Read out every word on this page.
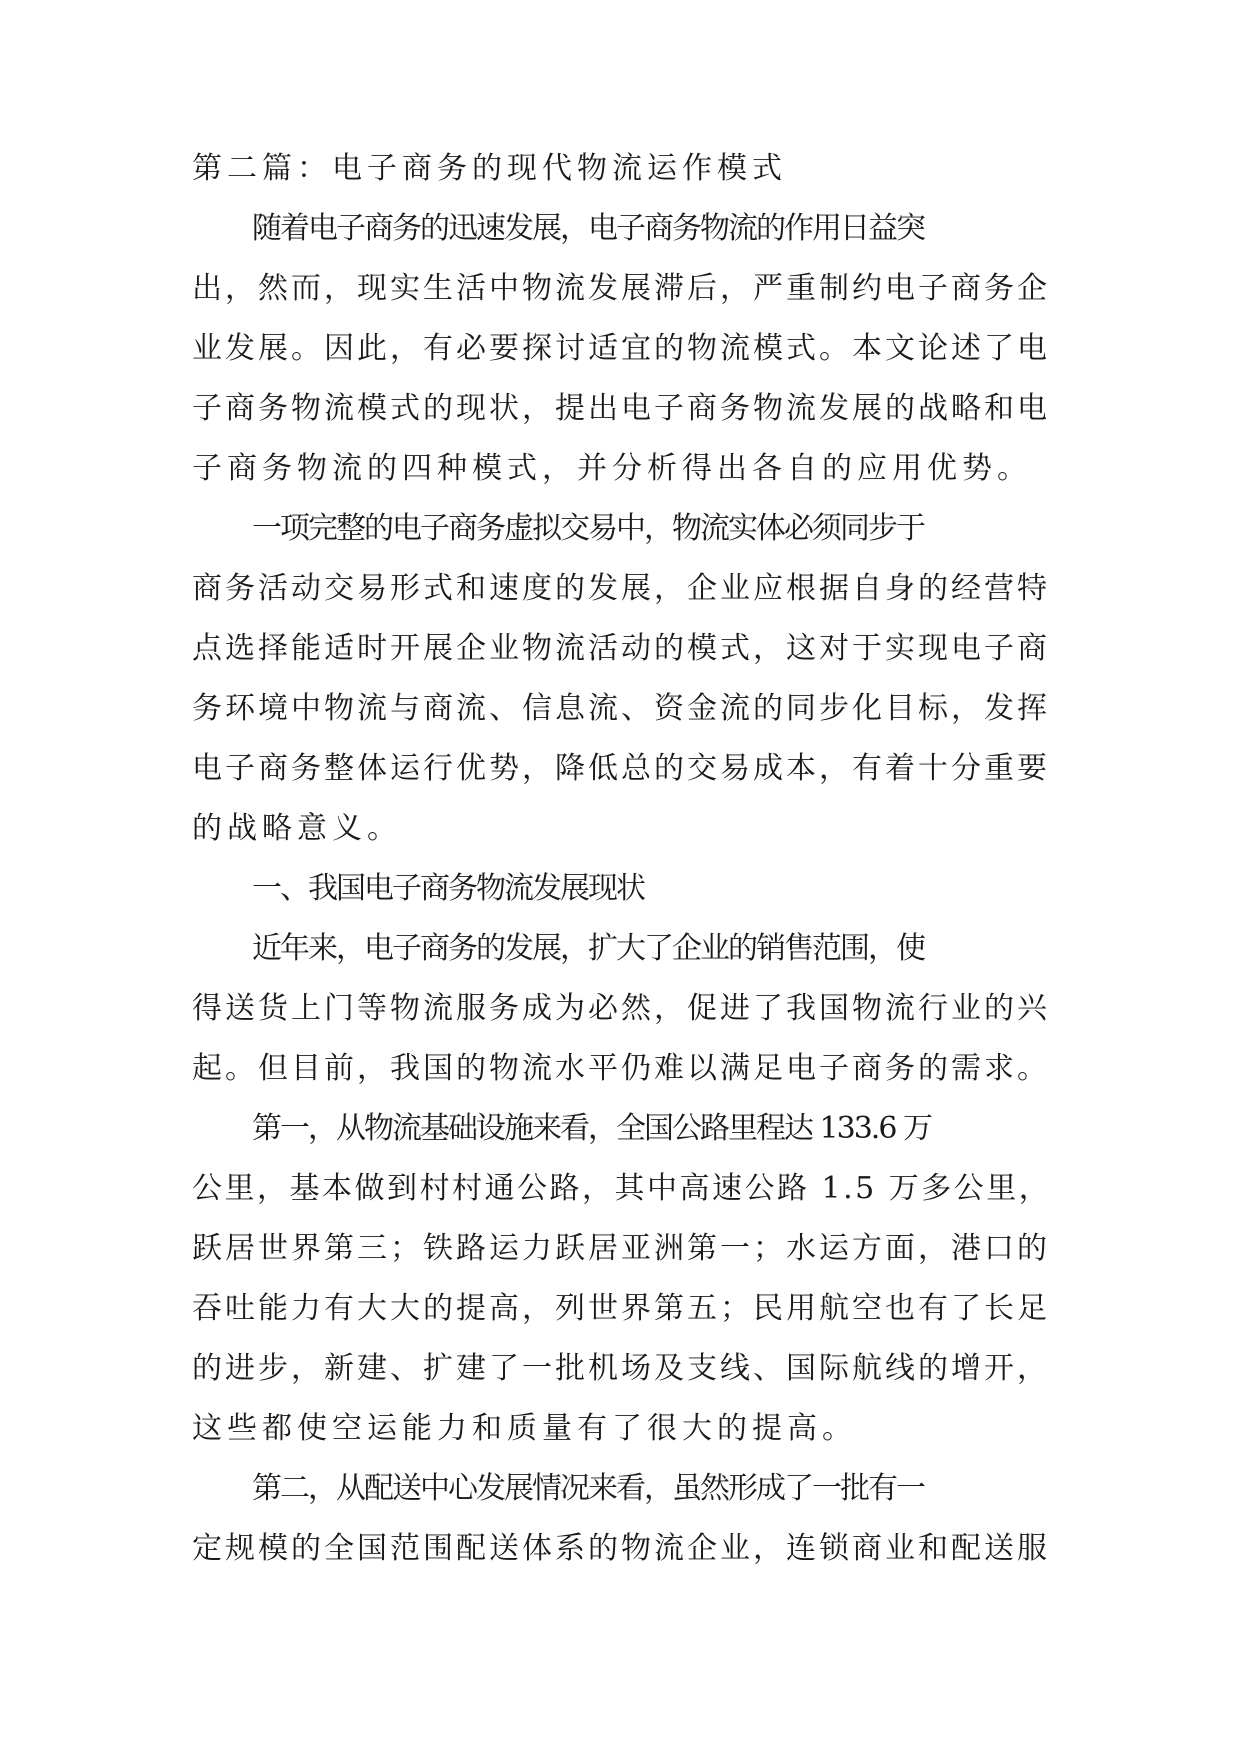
第二篇：电子商务的现代物流运作模式
随着电子商务的迅速发展，电子商务物流的作用日益突
出，然而，现实生活中物流发展滞后，严重制约电子商务企
业发展。因此，有必要探讨适宜的物流模式。本文论述了电
子商务物流模式的现状，提出电子商务物流发展的战略和电
子商务物流的四种模式，并分析得出各自的应用优势。
一项完整的电子商务虚拟交易中，物流实体必须同步于
商务活动交易形式和速度的发展，企业应根据自身的经营特
点选择能适时开展企业物流活动的模式，这对于实现电子商
务环境中物流与商流、信息流、资金流的同步化目标，发挥
电子商务整体运行优势，降低总的交易成本，有着十分重要
的战略意义。
一、我国电子商务物流发展现状
近年来，电子商务的发展，扩大了企业的销售范围，使
得送货上门等物流服务成为必然，促进了我国物流行业的兴
起。但目前，我国的物流水平仍难以满足电子商务的需求。
第一，从物流基础设施来看，全国公路里程达 133.6 万
公里，基本做到村村通公路，其中高速公路 1.5 万多公里，
跃居世界第三；铁路运力跃居亚洲第一；水运方面，港口的
吞吐能力有大大的提高，列世界第五；民用航空也有了长足
的进步，新建、扩建了一批机场及支线、国际航线的增开，
这些都使空运能力和质量有了很大的提高。
第二，从配送中心发展情况来看，虽然形成了一批有一
定规模的全国范围配送体系的物流企业，连锁商业和配送服
